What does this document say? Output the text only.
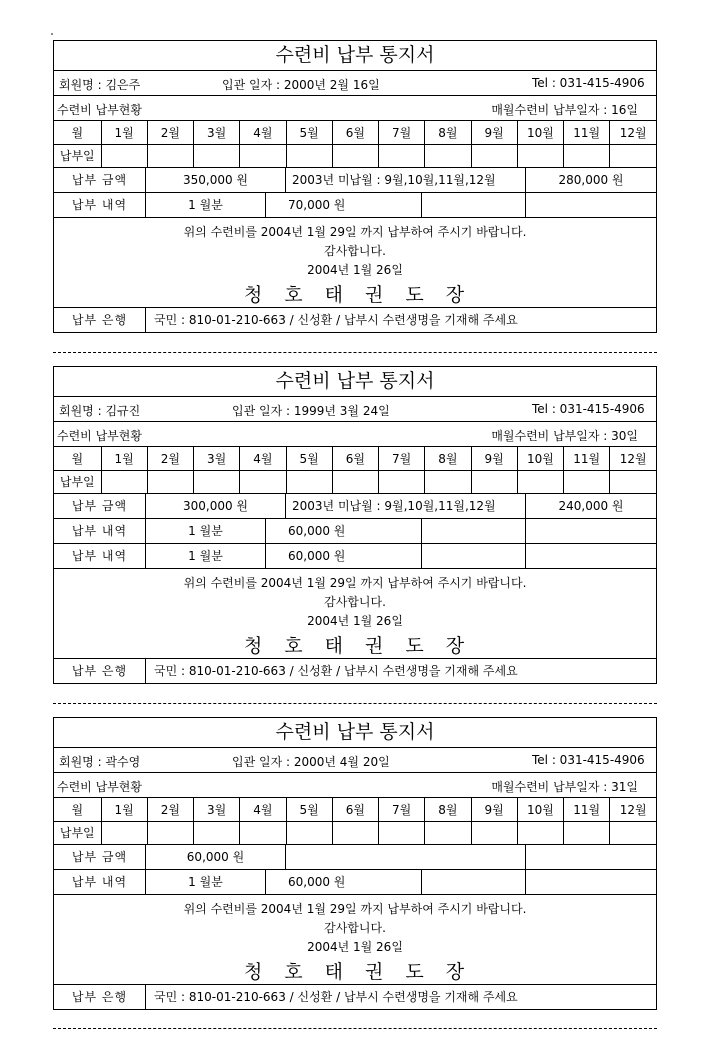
수련비 납부 통지서
회원명 : 김은주	입관 일자 : 2000년 2월 16일	Tel : 031-415-4906
수련비 납부현황	매월수련비 납부일자 : 16일
월	1월	2월	3월	4월	5월	6월	7월	8월	9월	10월	11월	12월
납부일												
납부 금액	350,000 원	2003년 미납월 : 9월,10월,11월,12월	280,000 원
납부 내역	1 월분	70,000 원
위의 수련비를 2004년 1월 29일 까지 납부하여 주시기 바랍니다.
감사합니다.
2004년 1월 26일
청호태권도장
납부 은행	국민 : 810-01-210-663 / 신성환 / 납부시 수련생명을 기재해 주세요
수련비 납부 통지서
회원명 : 김규진	입관 일자 : 1999년 3월 24일	Tel : 031-415-4906
수련비 납부현황	매월수련비 납부일자 : 30일
월	1월	2월	3월	4월	5월	6월	7월	8월	9월	10월	11월	12월
납부일												
납부 금액	300,000 원	2003년 미납월 : 9월,10월,11월,12월	240,000 원
납부 내역	1 월분	60,000 원
납부 내역	1 월분	60,000 원
위의 수련비를 2004년 1월 29일 까지 납부하여 주시기 바랍니다.
감사합니다.
2004년 1월 26일
청호태권도장
납부 은행	국민 : 810-01-210-663 / 신성환 / 납부시 수련생명을 기재해 주세요
수련비 납부 통지서
회원명 : 곽수영	입관 일자 : 2000년 4월 20일	Tel : 031-415-4906
수련비 납부현황	매월수련비 납부일자 : 31일
월	1월	2월	3월	4월	5월	6월	7월	8월	9월	10월	11월	12월
납부일												
납부 금액	60,000 원
납부 내역	1 월분	60,000 원
위의 수련비를 2004년 1월 29일 까지 납부하여 주시기 바랍니다.
감사합니다.
2004년 1월 26일
청호태권도장
납부 은행	국민 : 810-01-210-663 / 신성환 / 납부시 수련생명을 기재해 주세요
